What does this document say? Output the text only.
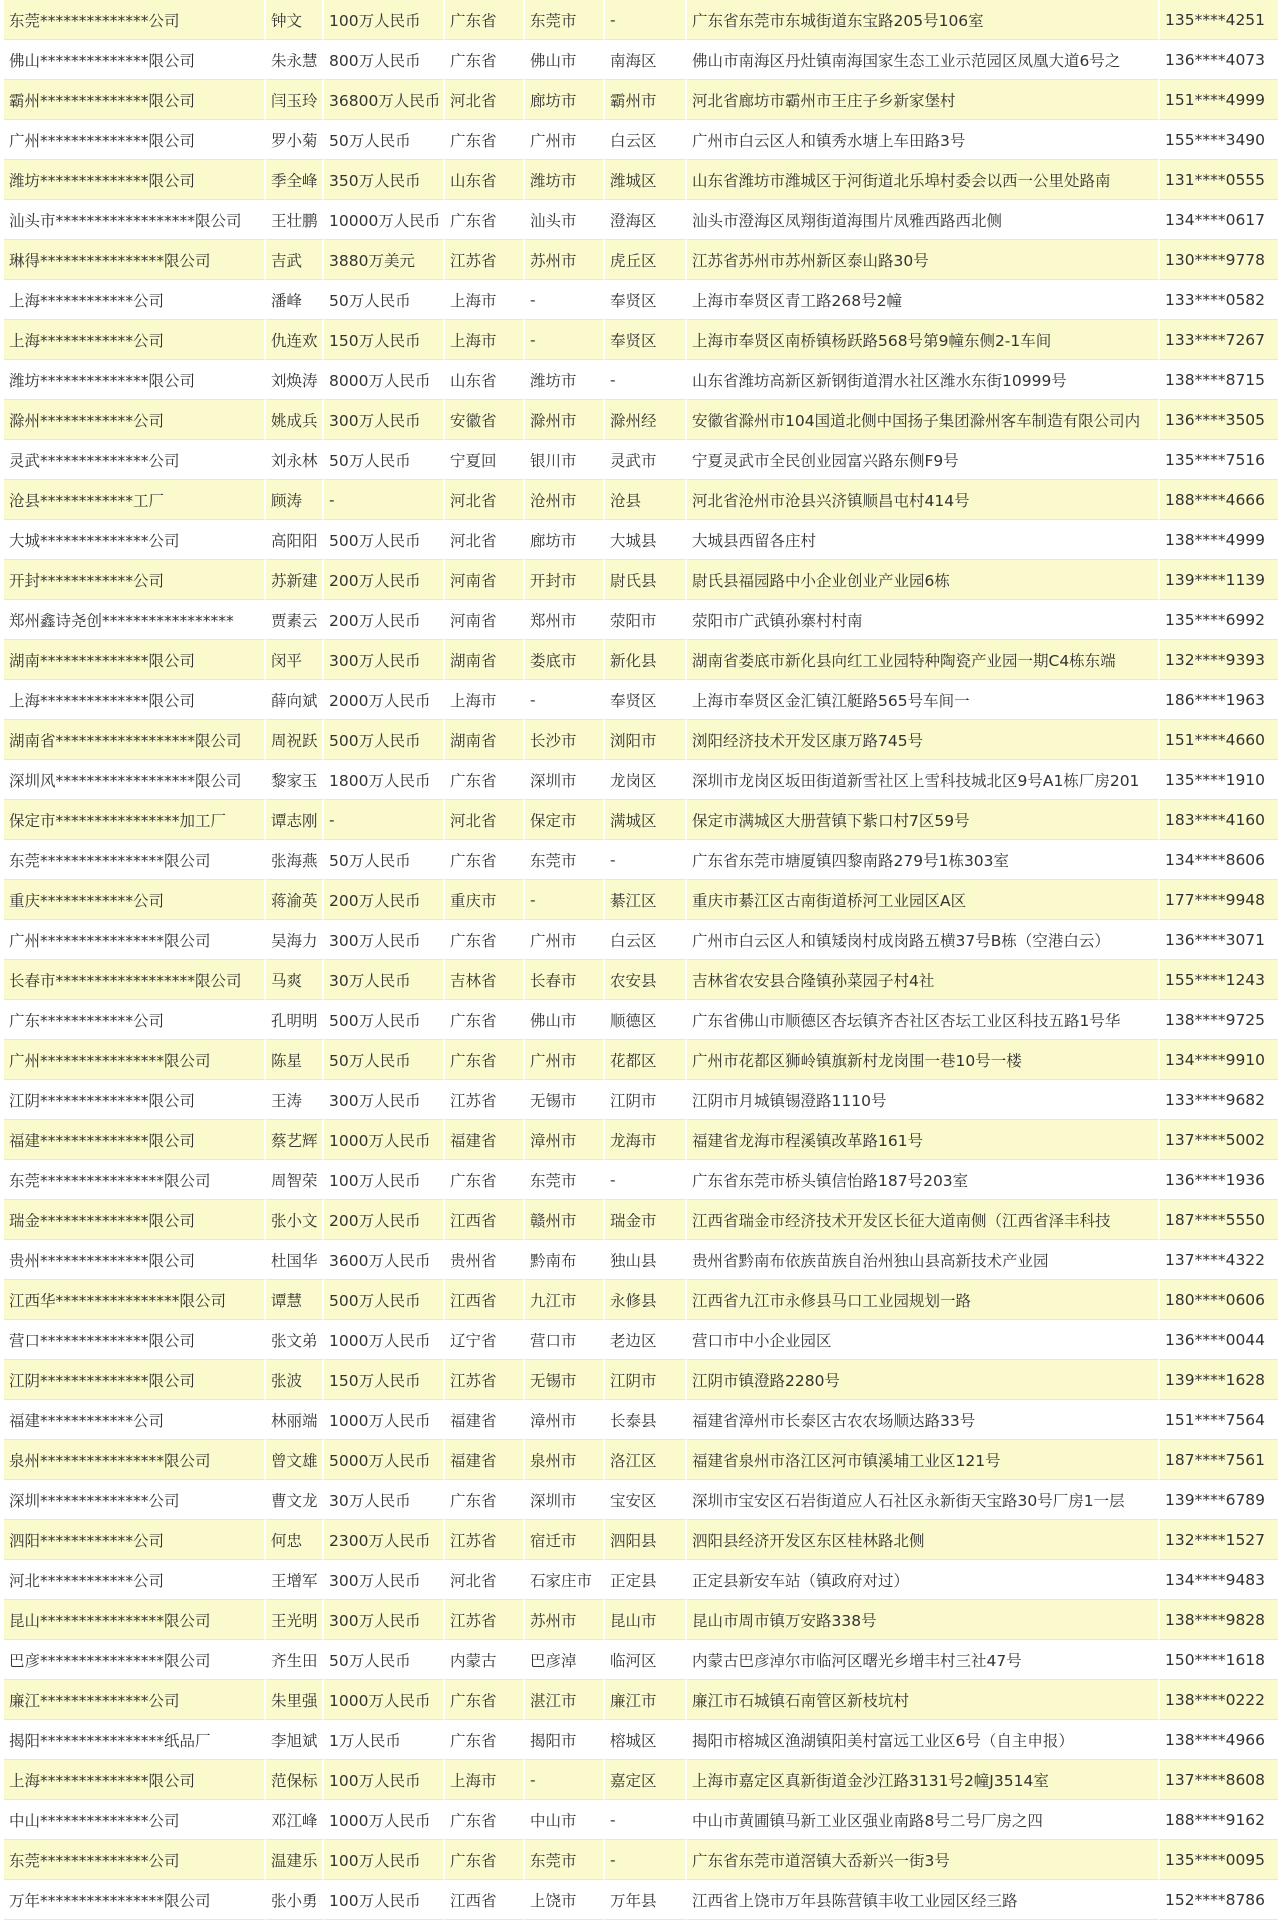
东莞**************公司	钟文	100万人民币	广东省	东莞市	-	广东省东莞市东城街道东宝路205号106室	135****4251
佛山**************限公司	朱永慧	800万人民币	广东省	佛山市	南海区	佛山市南海区丹灶镇南海国家生态工业示范园区凤凰大道6号之	136****4073
霸州**************限公司	闫玉玲	36800万人民币	河北省	廊坊市	霸州市	河北省廊坊市霸州市王庄子乡新家堡村	151****4999
广州**************限公司	罗小菊	50万人民币	广东省	广州市	白云区	广州市白云区人和镇秀水塘上车田路3号	155****3490
潍坊**************限公司	季全峰	350万人民币	山东省	潍坊市	潍城区	山东省潍坊市潍城区于河街道北乐埠村委会以西一公里处路南	131****0555
汕头市******************限公司	王壮鹏	10000万人民币	广东省	汕头市	澄海区	汕头市澄海区凤翔街道海围片凤雅西路西北侧	134****0617
琳得****************限公司	吉武	3880万美元	江苏省	苏州市	虎丘区	江苏省苏州市苏州新区泰山路30号	130****9778
上海************公司	潘峰	50万人民币	上海市	-	奉贤区	上海市奉贤区青工路268号2幢	133****0582
上海************公司	仇连欢	150万人民币	上海市	-	奉贤区	上海市奉贤区南桥镇杨跃路568号第9幢东侧2-1车间	133****7267
潍坊**************限公司	刘焕涛	8000万人民币	山东省	潍坊市	-	山东省潍坊高新区新钢街道渭水社区潍水东街10999号	138****8715
滁州************公司	姚成兵	300万人民币	安徽省	滁州市	滁州经	安徽省滁州市104国道北侧中国扬子集团滁州客车制造有限公司内	136****3505
灵武**************公司	刘永林	50万人民币	宁夏回	银川市	灵武市	宁夏灵武市全民创业园富兴路东侧F9号	135****7516
沧县************工厂	顾涛	-	河北省	沧州市	沧县	河北省沧州市沧县兴济镇顺昌屯村414号	188****4666
大城**************公司	高阳阳	500万人民币	河北省	廊坊市	大城县	大城县西留各庄村	138****4999
开封************公司	苏新建	200万人民币	河南省	开封市	尉氏县	尉氏县福园路中小企业创业产业园6栋	139****1139
郑州鑫诗尧创*****************	贾素云	200万人民币	河南省	郑州市	荥阳市	荥阳市广武镇孙寨村村南	135****6992
湖南**************限公司	闵平	300万人民币	湖南省	娄底市	新化县	湖南省娄底市新化县向红工业园特种陶瓷产业园一期C4栋东端	132****9393
上海**************限公司	薛向斌	2000万人民币	上海市	-	奉贤区	上海市奉贤区金汇镇江艇路565号车间一	186****1963
湖南省******************限公司	周祝跃	500万人民币	湖南省	长沙市	浏阳市	浏阳经济技术开发区康万路745号	151****4660
深圳风******************限公司	黎家玉	1800万人民币	广东省	深圳市	龙岗区	深圳市龙岗区坂田街道新雪社区上雪科技城北区9号A1栋厂房201	135****1910
保定市****************加工厂	谭志刚	-	河北省	保定市	满城区	保定市满城区大册营镇下紫口村7区59号	183****4160
东莞****************限公司	张海燕	50万人民币	广东省	东莞市	-	广东省东莞市塘厦镇四黎南路279号1栋303室	134****8606
重庆************公司	蒋渝英	200万人民币	重庆市	-	綦江区	重庆市綦江区古南街道桥河工业园区A区	177****9948
广州****************限公司	吴海力	300万人民币	广东省	广州市	白云区	广州市白云区人和镇矮岗村成岗路五横37号B栋（空港白云）	136****3071
长春市******************限公司	马爽	30万人民币	吉林省	长春市	农安县	吉林省农安县合隆镇孙菜园子村4社	155****1243
广东************公司	孔明明	500万人民币	广东省	佛山市	顺德区	广东省佛山市顺德区杏坛镇齐杏社区杏坛工业区科技五路1号华	138****9725
广州****************限公司	陈星	50万人民币	广东省	广州市	花都区	广州市花都区狮岭镇旗新村龙岗围一巷10号一楼	134****9910
江阴**************限公司	王涛	300万人民币	江苏省	无锡市	江阴市	江阴市月城镇锡澄路1110号	133****9682
福建**************限公司	蔡艺辉	1000万人民币	福建省	漳州市	龙海市	福建省龙海市程溪镇改革路161号	137****5002
东莞****************限公司	周智荣	100万人民币	广东省	东莞市	-	广东省东莞市桥头镇信怡路187号203室	136****1936
瑞金**************限公司	张小文	200万人民币	江西省	赣州市	瑞金市	江西省瑞金市经济技术开发区长征大道南侧（江西省泽丰科技	187****5550
贵州**************限公司	杜国华	3600万人民币	贵州省	黔南布	独山县	贵州省黔南布依族苗族自治州独山县高新技术产业园	137****4322
江西华****************限公司	谭慧	500万人民币	江西省	九江市	永修县	江西省九江市永修县马口工业园规划一路	180****0606
营口**************限公司	张文弟	1000万人民币	辽宁省	营口市	老边区	营口市中小企业园区	136****0044
江阴**************限公司	张波	150万人民币	江苏省	无锡市	江阴市	江阴市镇澄路2280号	139****1628
福建************公司	林丽端	1000万人民币	福建省	漳州市	长泰县	福建省漳州市长泰区古农农场顺达路33号	151****7564
泉州****************限公司	曾文雄	5000万人民币	福建省	泉州市	洛江区	福建省泉州市洛江区河市镇溪埔工业区121号	187****7561
深圳**************公司	曹文龙	30万人民币	广东省	深圳市	宝安区	深圳市宝安区石岩街道应人石社区永新街天宝路30号厂房1一层	139****6789
泗阳************公司	何忠	2300万人民币	江苏省	宿迁市	泗阳县	泗阳县经济开发区东区桂林路北侧	132****1527
河北************公司	王增军	300万人民币	河北省	石家庄市	正定县	正定县新安车站（镇政府对过）	134****9483
昆山****************限公司	王光明	300万人民币	江苏省	苏州市	昆山市	昆山市周市镇万安路338号	138****9828
巴彦****************限公司	齐生田	50万人民币	内蒙古	巴彦淖	临河区	内蒙古巴彦淖尔市临河区曙光乡增丰村三社47号	150****1618
廉江**************公司	朱里强	1000万人民币	广东省	湛江市	廉江市	廉江市石城镇石南管区新枝坑村	138****0222
揭阳****************纸品厂	李旭斌	1万人民币	广东省	揭阳市	榕城区	揭阳市榕城区渔湖镇阳美村富远工业区6号（自主申报）	138****4966
上海**************限公司	范保标	100万人民币	上海市	-	嘉定区	上海市嘉定区真新街道金沙江路3131号2幢J3514室	137****8608
中山**************公司	邓江峰	1000万人民币	广东省	中山市	-	中山市黄圃镇马新工业区强业南路8号二号厂房之四	188****9162
东莞**************公司	温建乐	100万人民币	广东省	东莞市	-	广东省东莞市道滘镇大岙新兴一街3号	135****0095
万年****************限公司	张小勇	100万人民币	江西省	上饶市	万年县	江西省上饶市万年县陈营镇丰收工业园区经三路	152****8786
